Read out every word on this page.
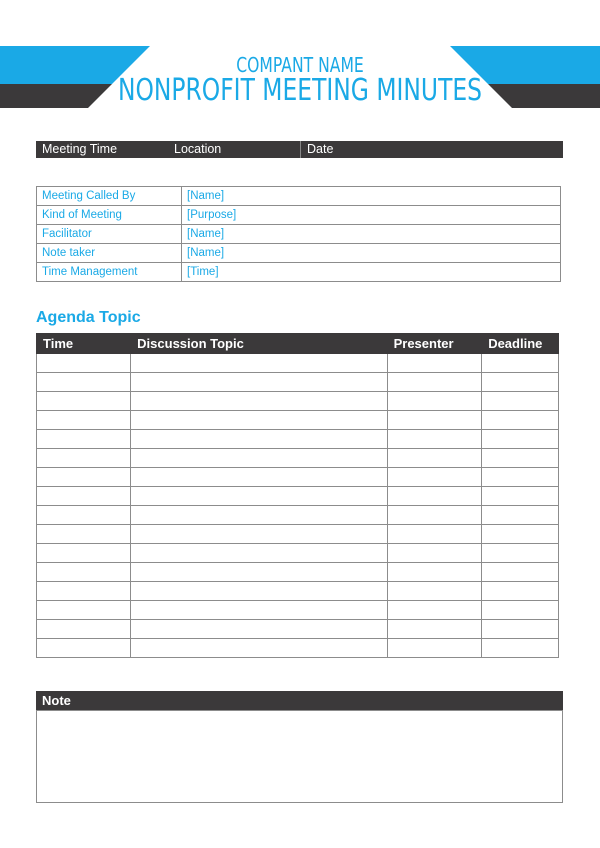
COMPANT NAME
NONPROFIT MEETING MINUTES
Meeting Time	Location	Date
Meeting Called By	[Name]
Kind of Meeting	[Purpose]
Facilitator	[Name]
Note taker	[Name]
Time Management	[Time]
Agenda Topic
Time	Discussion Topic	Presenter	Deadline

Note
